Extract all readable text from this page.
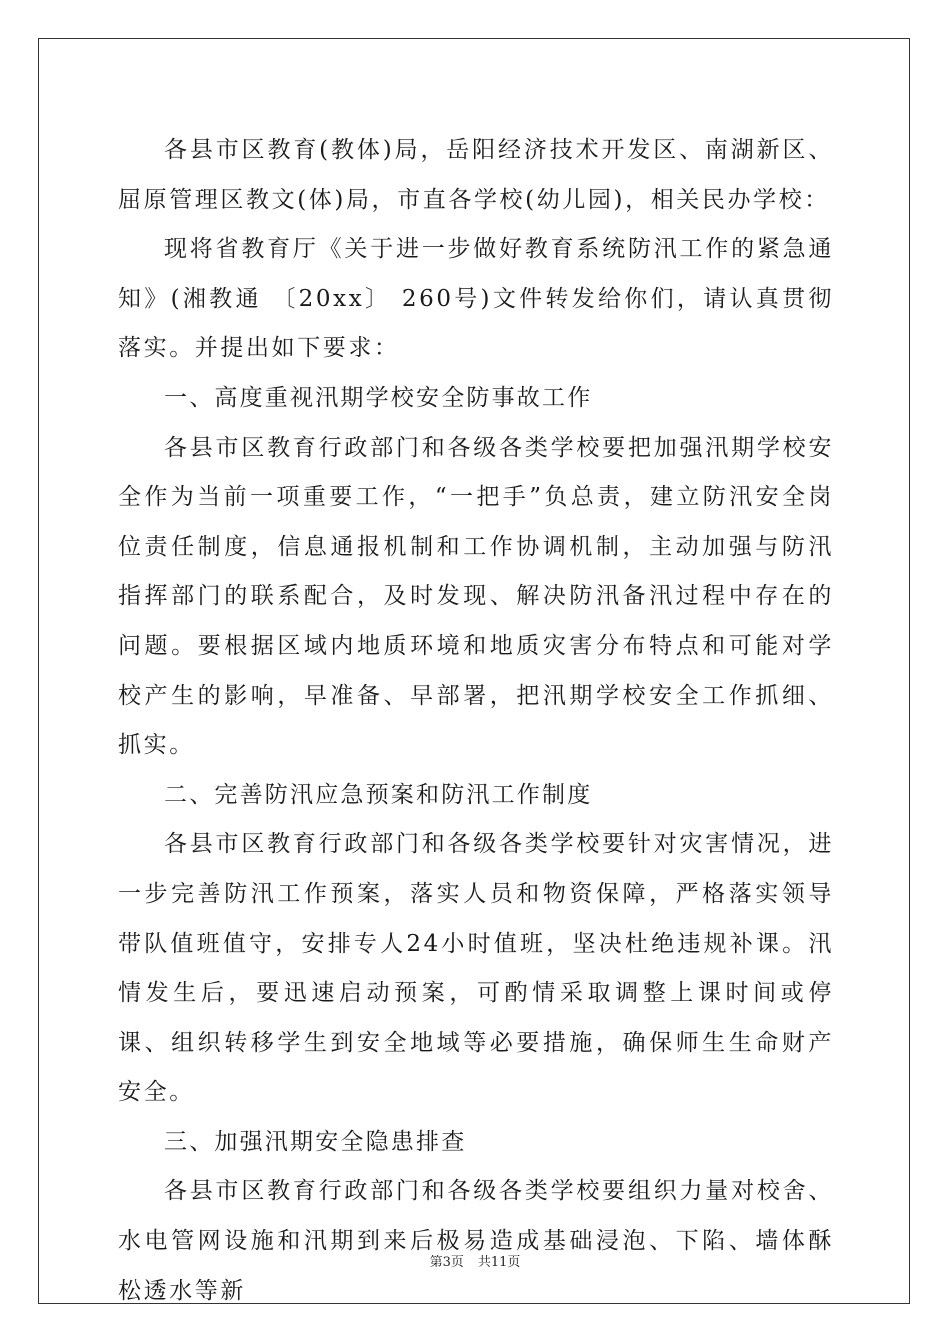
各县市区教育(教体)局，岳阳经济技术开发区、南湖新区、屈原管理区教文(体)局，市直各学校(幼儿园)，相关民办学校：

现将省教育厅《关于进一步做好教育系统防汛工作的紧急通知》(湘教通 〔20xx〕 260号)文件转发给你们，请认真贯彻落实。并提出如下要求：

一、高度重视汛期学校安全防事故工作

各县市区教育行政部门和各级各类学校要把加强汛期学校安全作为当前一项重要工作，“一把手”负总责，建立防汛安全岗位责任制度，信息通报机制和工作协调机制，主动加强与防汛指挥部门的联系配合，及时发现、解决防汛备汛过程中存在的问题。要根据区域内地质环境和地质灾害分布特点和可能对学校产生的影响，早准备、早部署，把汛期学校安全工作抓细、抓实。

二、完善防汛应急预案和防汛工作制度

各县市区教育行政部门和各级各类学校要针对灾害情况，进一步完善防汛工作预案，落实人员和物资保障，严格落实领导带队值班值守，安排专人24小时值班，坚决杜绝违规补课。汛情发生后，要迅速启动预案，可酌情采取调整上课时间或停课、组织转移学生到安全地域等必要措施，确保师生生命财产安全。

三、加强汛期安全隐患排查

各县市区教育行政部门和各级各类学校要组织力量对校舍、水电管网设施和汛期到来后极易造成基础浸泡、下陷、墙体酥松透水等新

第3页 共11页
